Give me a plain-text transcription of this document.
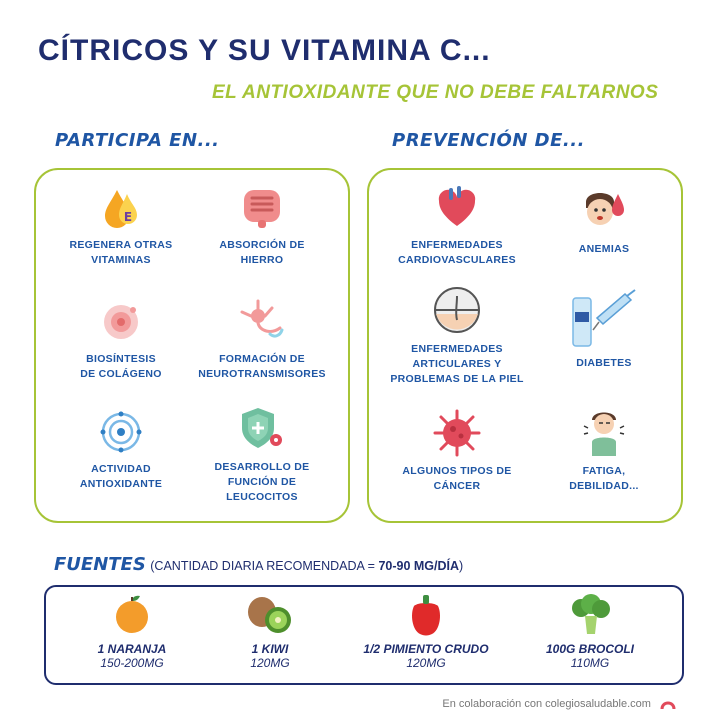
CÍTRICOS Y SU VITAMINA C...
EL ANTIOXIDANTE QUE NO DEBE FALTARNOS
PARTICIPA EN...	PREVENCIÓN DE...
E
REGENERA OTRAS
VITAMINAS
ABSORCIÓN DE
HIERRO
BIOSÍNTESIS
DE COLÁGENO
FORMACIÓN DE
NEUROTRANSMISORES
ACTIVIDAD
ANTIOXIDANTE
DESARROLLO DE
FUNCIÓN DE
LEUCOCITOS
ENFERMEDADES
CARDIOVASCULARES
ANEMIAS
ENFERMEDADES
ARTICULARES Y
PROBLEMAS DE LA PIEL
DIABETES
ALGUNOS TIPOS DE
CÁNCER
FATIGA,
DEBILIDAD...
FUENTES (CANTIDAD DIARIA RECOMENDADA = 70-90 MG/DÍA)
1 NARANJA
150-200MG
1 KIWI
120MG
1/2 PIMIENTO CRUDO
120MG
100G BROCOLI
110MG
En colaboración con colegiosaludable.com
